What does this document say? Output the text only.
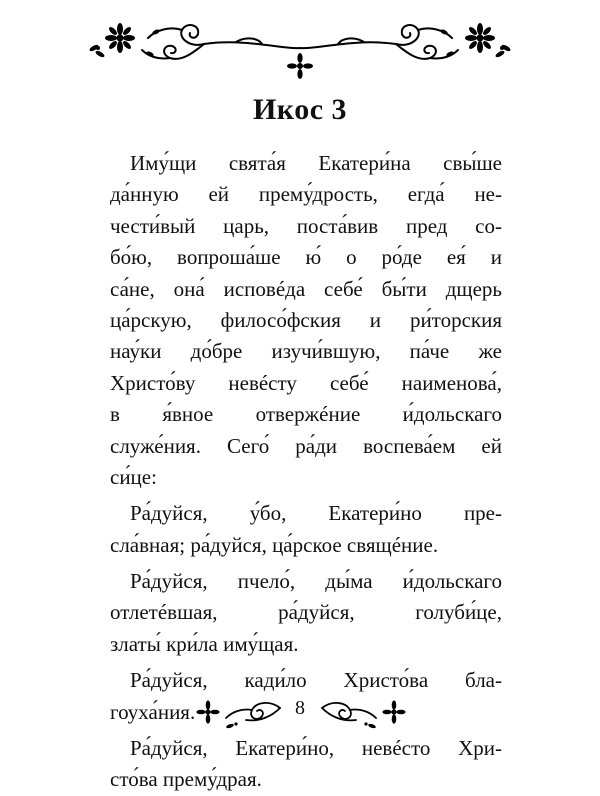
Икос 3
Иму́щи свята́я Екатери́на свы́ше
да́нную ей прему́дрость, егда́ не-
чести́вый царь, поста́вив пред со-
бо́ю, вопроша́ше ю́ о ро́де ея́ и
са́не, она́ исповéда себе́ бы́ти дщерь
ца́рскую, филосо́фския и ри́торския
нау́ки до́бре изучи́вшую, па́че же
Христо́ву невéсту себе́ наименова́,
в я́вное отвержéние и́дольскаго
служе́ния. Сего́ ра́ди воспева́ем ей
си́це:
Ра́дуйся, у́бо, Екатери́но пре-
сла́вная; ра́дуйся, ца́рское свящéние.
Ра́дуйся, пчело́, ды́ма и́дольскаго
отлетéвшая, ра́дуйся, голуби́це,
златы́ кри́ла иму́щая.
Ра́дуйся, кади́ло Христо́ва бла-
гоуха́ния.
Ра́дуйся, Екатери́но, невéсто Хри-
сто́ва прему́драя.
8
